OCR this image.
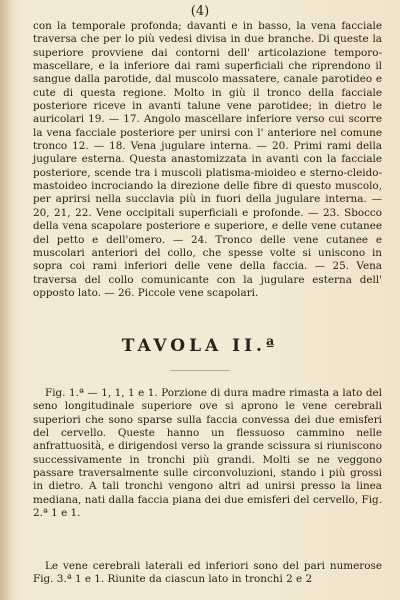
(4)

con la temporale profonda; davanti e in basso, la vena facciale traversa che per lo più vedesi divisa in due branche. Di queste la superiore provviene dai contorni dell' articolazione temporo-mascellare, e la inferiore dai rami superficiali che riprendono il sangue dalla parotide, dal muscolo massatere, canale parotideo e cute di questa regione. Molto in giù il tronco della facciale posteriore riceve in avanti talune vene parotidee; in dietro le auricolari 19. — 17. Angolo mascellare inferiore verso cui scorre la vena facciale posteriore per unirsi con l' anteriore nel comune tronco 12. — 18. Vena jugulare interna. — 20. Primi rami della jugulare esterna. Questa anastomizzata in avanti con la facciale posteriore, scende tra i muscoli platisma-mioideo e sterno-cleido-mastoideo incrociando la direzione delle fibre di questo muscolo, per aprirsi nella succlavia più in fuori della jugulare interna. — 20, 21, 22. Vene occipitali superficiali e profonde. — 23. Sbocco della vena scapolare posteriore e superiore, e delle vene cutanee del petto e dell'omero. — 24. Tronco delle vene cutanee e muscolari anteriori del collo, che spesse volte si uniscono in sopra coi rami inferiori delle vene della faccia. — 25. Vena traversa del collo comunicante con la jugulare esterna dell' opposto lato. — 26. Piccole vene scapolari.

TAVOLA II.ª

Fig. 1.ª — 1, 1, 1 e 1. Porzione di dura madre rimasta a lato del seno longitudinale superiore ove si aprono le vene cerebrali superiori che sono sparse sulla faccia convessa dei due emisferi del cervello. Queste hanno un flessuoso cammino nelle anfrattuosità, e dirigendosi verso la grande scissura si riuniscono successivamente in tronchi più grandi. Molti se ne veggono passare traversalmente sulle circonvoluzioni, stando i più grossi in dietro. A tali tronchi vengono altri ad unirsi presso la linea mediana, nati dalla faccia piana dei due emisferi del cervello, Fig. 2.ª 1 e 1.

Le vene cerebrali laterali ed inferiori sono del pari numerose Fig. 3.ª 1 e 1. Riunite da ciascun lato in tronchi 2 e 2
